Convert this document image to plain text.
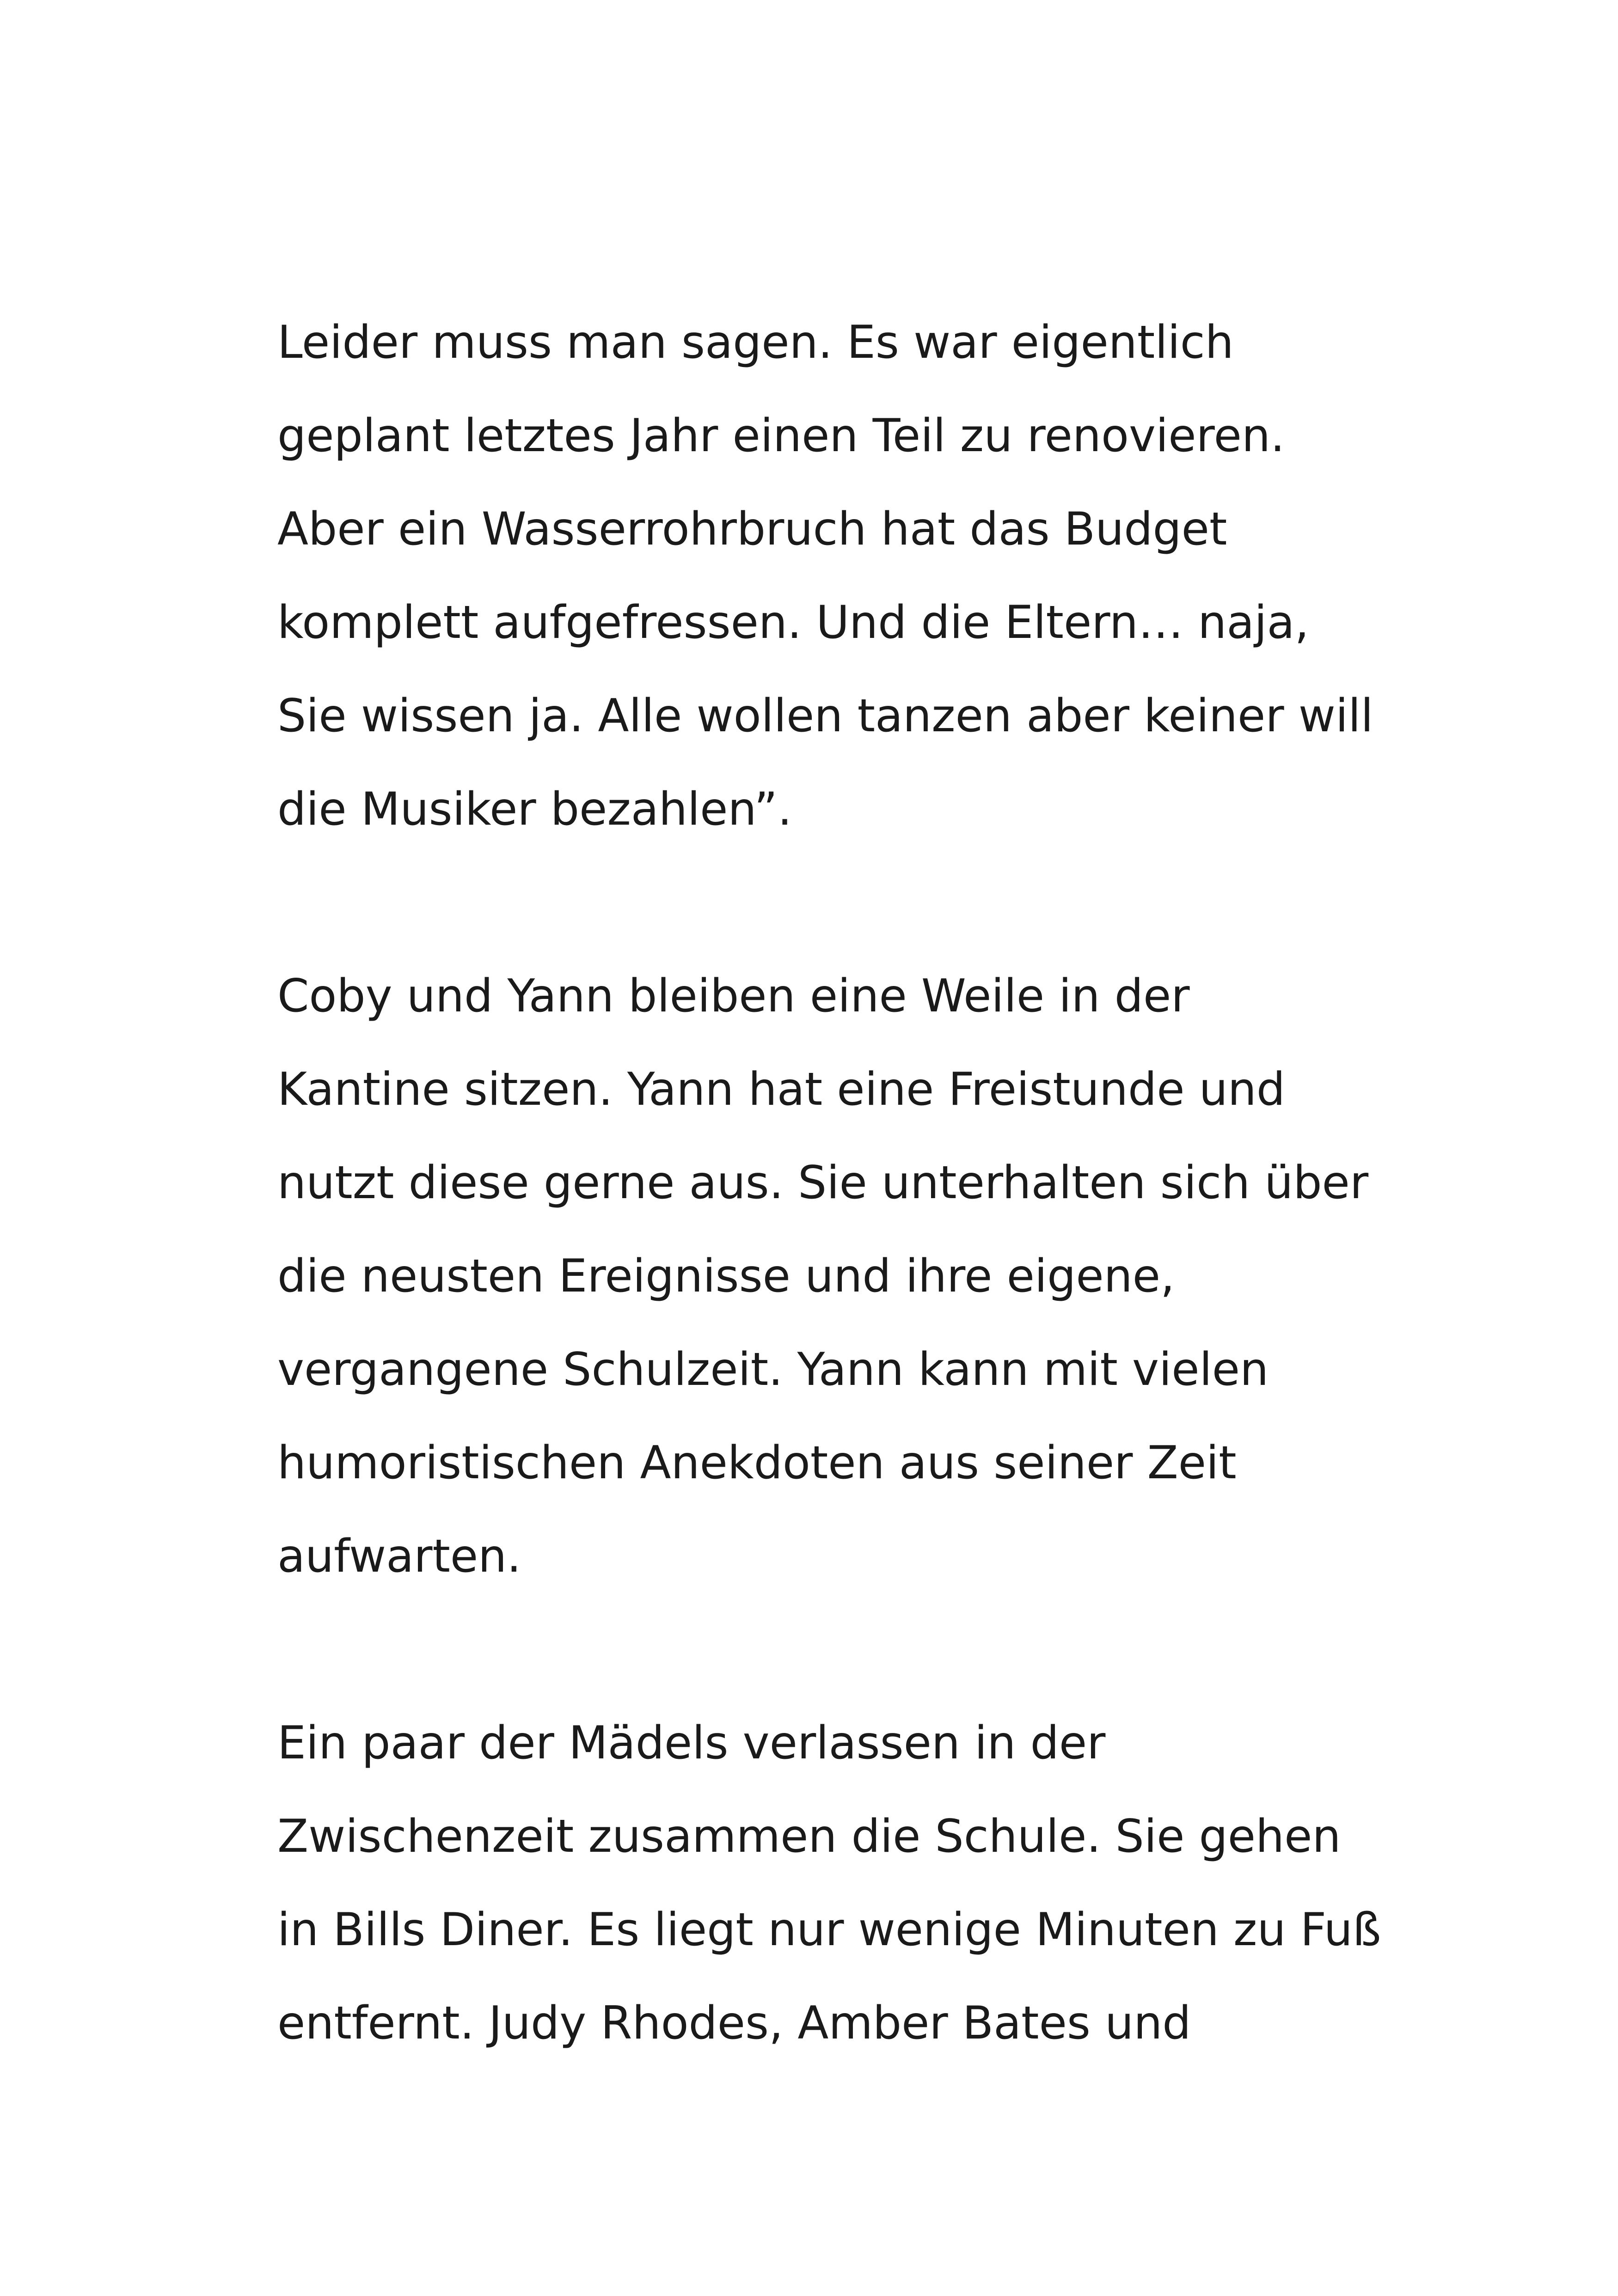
Leider muss man sagen. Es war eigentlich
geplant letztes Jahr einen Teil zu renovieren.
Aber ein Wasserrohrbruch hat das Budget
komplett aufgefressen. Und die Eltern… naja,
Sie wissen ja. Alle wollen tanzen aber keiner will
die Musiker bezahlen”.
Coby und Yann bleiben eine Weile in der
Kantine sitzen. Yann hat eine Freistunde und
nutzt diese gerne aus. Sie unterhalten sich über
die neusten Ereignisse und ihre eigene,
vergangene Schulzeit. Yann kann mit vielen
humoristischen Anekdoten aus seiner Zeit
aufwarten.
Ein paar der Mädels verlassen in der
Zwischenzeit zusammen die Schule. Sie gehen
in Bills Diner. Es liegt nur wenige Minuten zu Fuß
entfernt. Judy Rhodes, Amber Bates und
